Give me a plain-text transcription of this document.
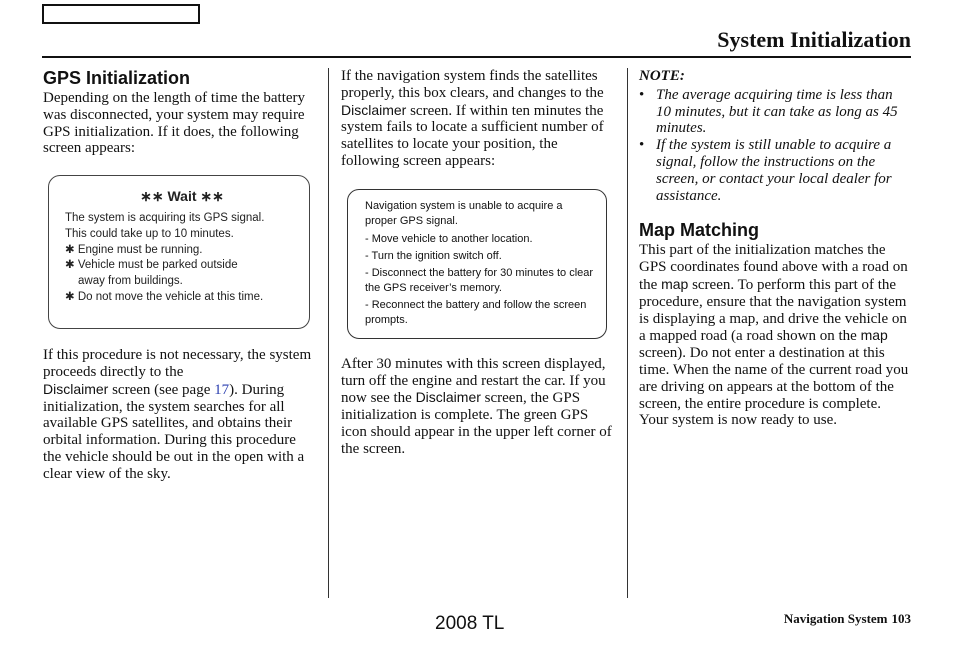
System Initialization
GPS Initialization

Depending on the length of time the battery was disconnected, your system may require GPS initialization. If it does, the following screen appears:

∗∗ Wait ∗∗
The system is acquiring its GPS signal.
This could take up to 10 minutes.
✱ Engine must be running.
✱ Vehicle must be parked outside
away from buildings.
✱ Do not move the vehicle at this time.

If this procedure is not necessary, the system proceeds directly to the
Disclaimer screen (see page 17). During initialization, the system searches for all available GPS satellites, and obtains their orbital information. During this procedure the vehicle should be out in the open with a clear view of the sky.

If the navigation system finds the satellites properly, this box clears, and changes to the Disclaimer screen. If within ten minutes the system fails to locate a sufficient number of satellites to locate your position, the following screen appears:

Navigation system is unable to acquire a proper GPS signal.
- Move vehicle to another location.
- Turn the ignition switch off.
- Disconnect the battery for 30 minutes to clear the GPS receiver’s memory.
- Reconnect the battery and follow the screen prompts.

After 30 minutes with this screen displayed, turn off the engine and restart the car. If you now see the Disclaimer screen, the GPS initialization is complete. The green GPS icon should appear in the upper left corner of the screen.

NOTE:
• The average acquiring time is less than 10 minutes, but it can take as long as 45 minutes.
• If the system is still unable to acquire a signal, follow the instructions on the screen, or contact your local dealer for assistance.
Map Matching

This part of the initialization matches the GPS coordinates found above with a road on the map screen. To perform this part of the procedure, ensure that the navigation system is displaying a map, and drive the vehicle on a mapped road (a road shown on the map screen). Do not enter a destination at this time. When the name of the current road you are driving on appears at the bottom of the screen, the entire procedure is complete. Your system is now ready to use.

2008 TL	Navigation System 103
